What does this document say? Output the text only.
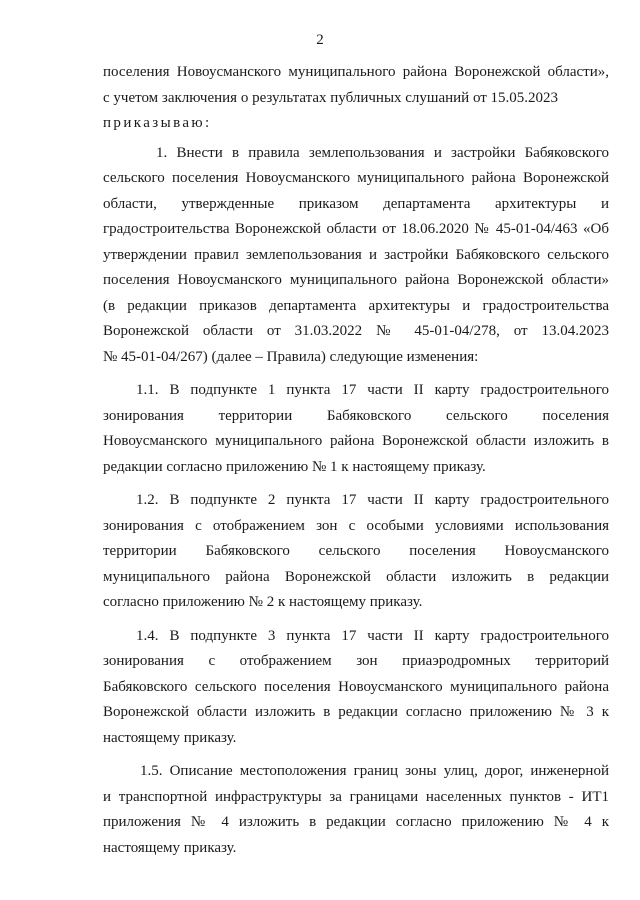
2
поселения Новоусманского муниципального района Воронежской области»,
с учетом заключения о результатах публичных слушаний от 15.05.2023
приказываю:
1. Внести в правила землепользования и застройки Бабяковского
сельского поселения Новоусманского муниципального района Воронежской
области, утвержденные приказом департамента архитектуры и
градостроительства Воронежской области от 18.06.2020 № 45-01-04/463 «Об
утверждении правил землепользования и застройки Бабяковского сельского
поселения Новоусманского муниципального района Воронежской области»
(в редакции приказов департамента архитектуры и градостроительства
Воронежской области от 31.03.2022 № 45-01-04/278, от 13.04.2023
№ 45-01-04/267) (далее – Правила) следующие изменения:
1.1. В подпункте 1 пункта 17 части II карту градостроительного
зонирования территории Бабяковского сельского поселения
Новоусманского муниципального района Воронежской области изложить в
редакции согласно приложению № 1 к настоящему приказу.
1.2. В подпункте 2 пункта 17 части II карту градостроительного
зонирования с отображением зон с особыми условиями использования
территории Бабяковского сельского поселения Новоусманского
муниципального района Воронежской области изложить в редакции
согласно приложению № 2 к настоящему приказу.
1.4. В подпункте 3 пункта 17 части II карту градостроительного
зонирования с отображением зон приаэродромных территорий
Бабяковского сельского поселения Новоусманского муниципального района
Воронежской области изложить в редакции согласно приложению № 3 к
настоящему приказу.
1.5. Описание местоположения границ зоны улиц, дорог, инженерной
и транспортной инфраструктуры за границами населенных пунктов - ИТ1
приложения № 4 изложить в редакции согласно приложению № 4 к
настоящему приказу.
